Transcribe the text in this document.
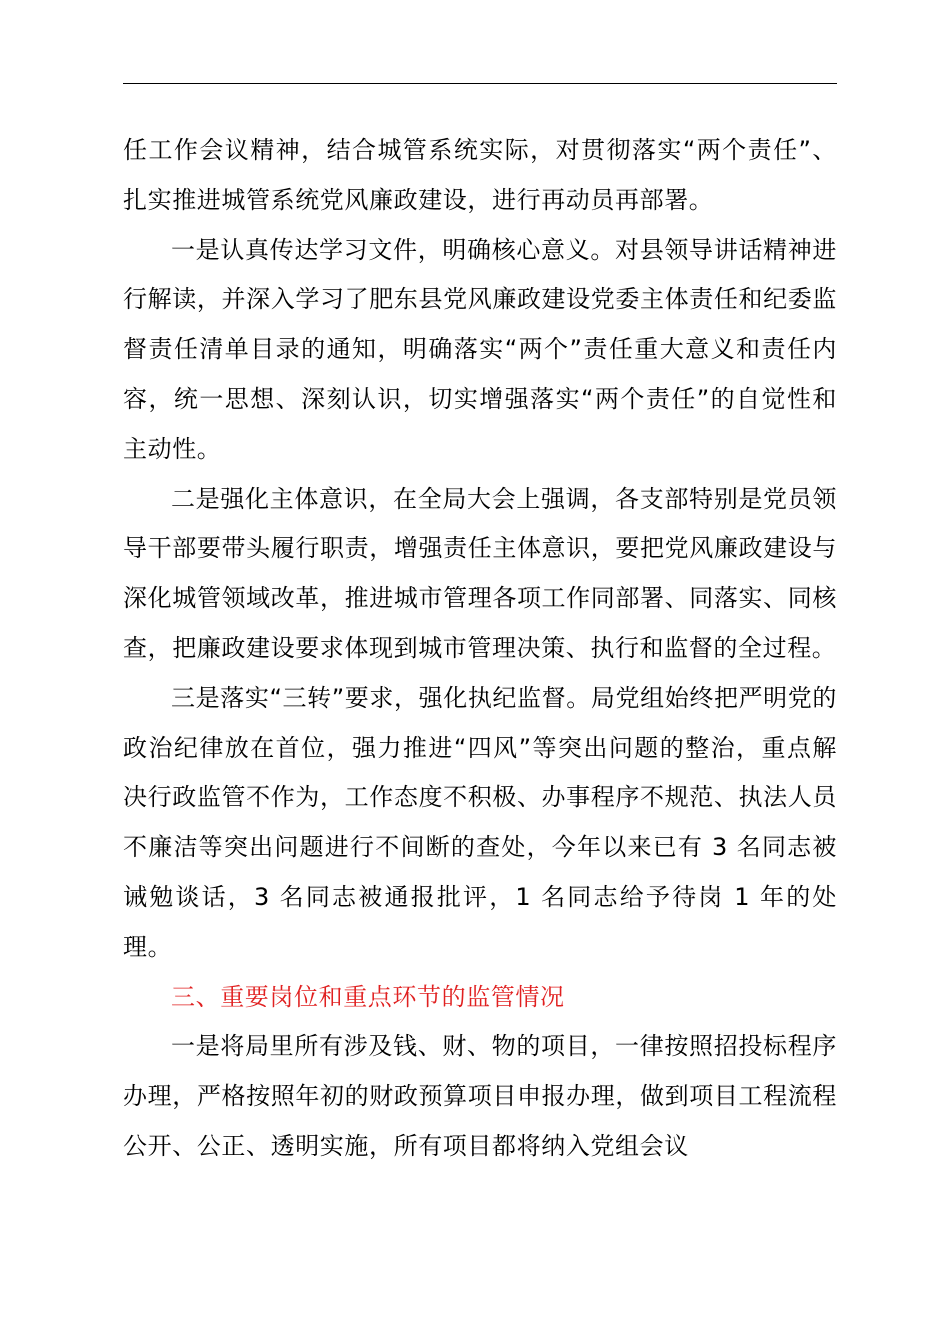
任工作会议精神，结合城管系统实际，对贯彻落实“两个责任”、扎实推进城管系统党风廉政建设，进行再动员再部署。

一是认真传达学习文件，明确核心意义。对县领导讲话精神进行解读，并深入学习了肥东县党风廉政建设党委主体责任和纪委监督责任清单目录的通知，明确落实“两个”责任重大意义和责任内容，统一思想、深刻认识，切实增强落实“两个责任”的自觉性和主动性。

二是强化主体意识，在全局大会上强调，各支部特别是党员领导干部要带头履行职责，增强责任主体意识，要把党风廉政建设与深化城管领域改革，推进城市管理各项工作同部署、同落实、同核查，把廉政建设要求体现到城市管理决策、执行和监督的全过程。

三是落实“三转”要求，强化执纪监督。局党组始终把严明党的政治纪律放在首位，强力推进“四风”等突出问题的整治，重点解决行政监管不作为，工作态度不积极、办事程序不规范、执法人员不廉洁等突出问题进行不间断的查处，今年以来已有 3 名同志被诫勉谈话，3 名同志被通报批评，1 名同志给予待岗 1 年的处理。

三、重要岗位和重点环节的监管情况

一是将局里所有涉及钱、财、物的项目，一律按照招投标程序办理，严格按照年初的财政预算项目申报办理，做到项目工程流程公开、公正、透明实施，所有项目都将纳入党组会议
